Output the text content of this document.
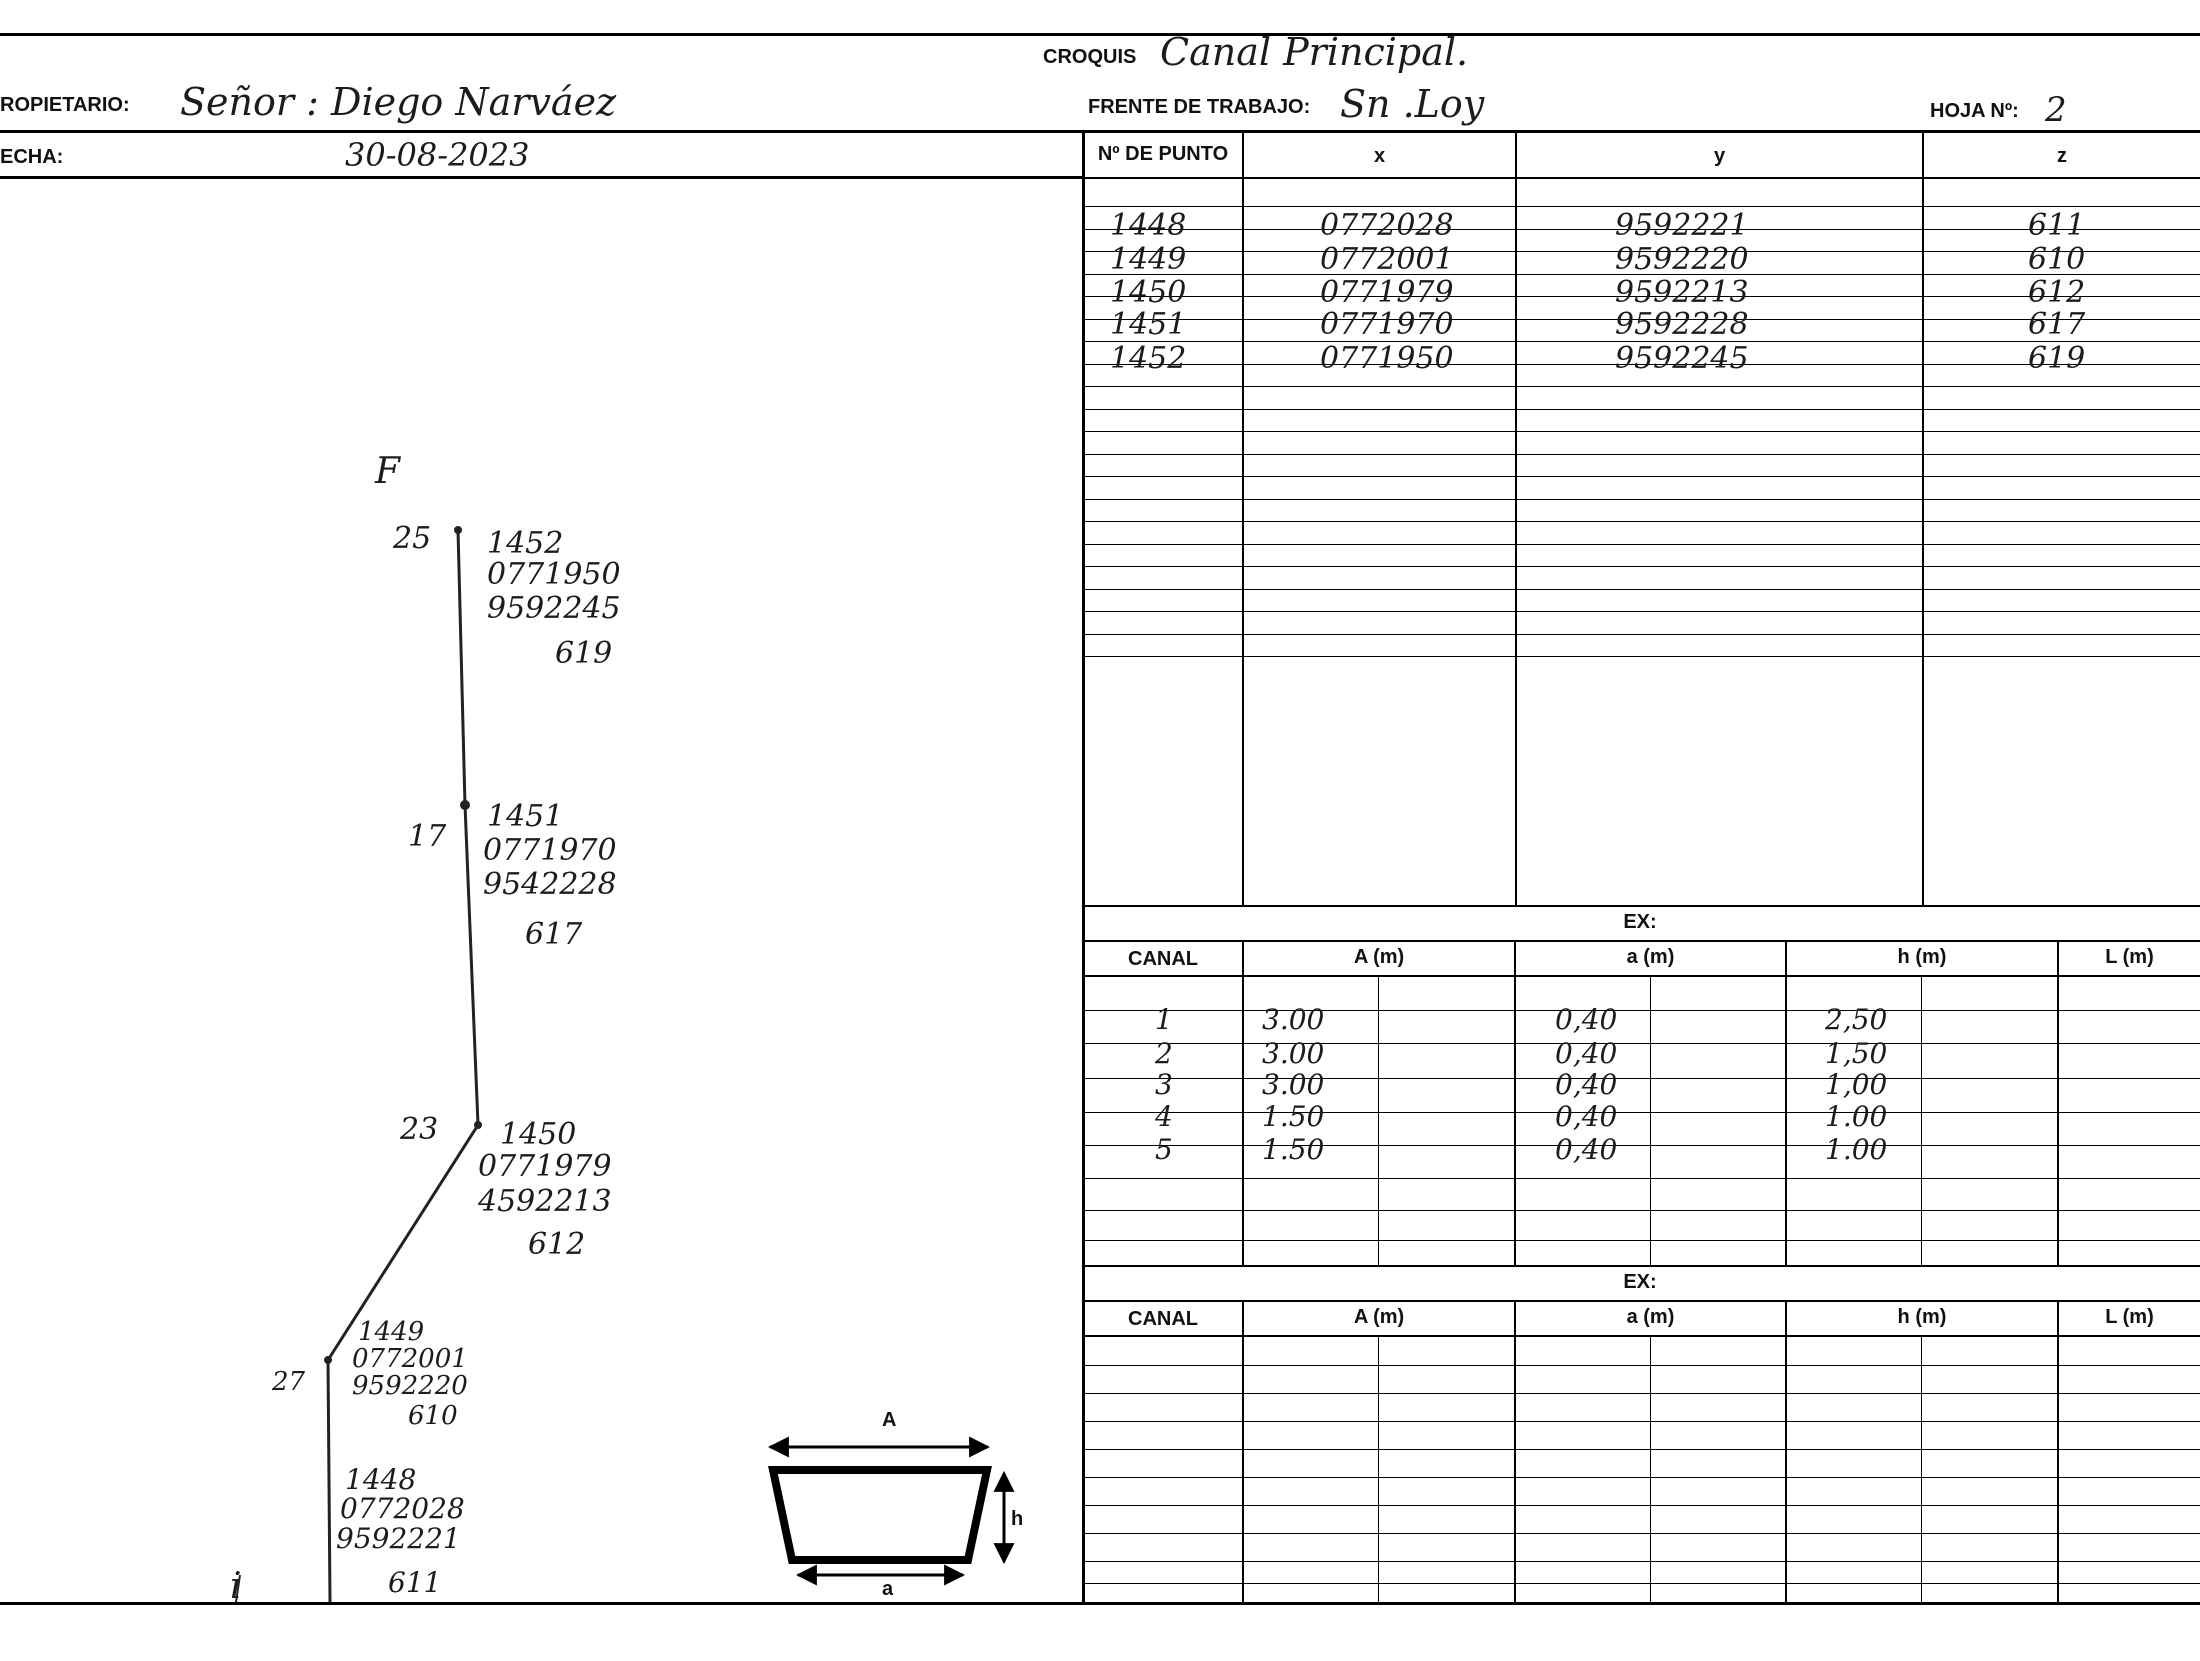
CROQUIS Canal Principal.
ROPIETARIO: Señor : Diego Narváez
ECHA:	30-08-2023
FRENTE DE TRABAJO: Sn .Loy	HOJA Nº: 2
Nº DE PUNTO	x	y	z
1448	0772028	9592221	611
1449	0772001	9592220	610
1450	0771979	9592213	612
1451	0771970	9592228	617
1452	0771950	9592245	619
EX:
CANAL	A (m)	a (m)	h (m)	L (m)
1	3.00	0,40	2,50
2	3.00	0,40	1,50
3	3.00	0,40	1,00
4	1.50	0,40	1.00
5	1.50	0,40	1.00
EX:
CANAL	A (m)	a (m)	h (m)	L (m)
F
i
25 1452
0771950
9592245
619
17
1451
0771970
9542228
617
23 1450
0771979
4592213
612
27
1449
0772001
9592220
610
1448
0772028
9592221
611
A
h
a
